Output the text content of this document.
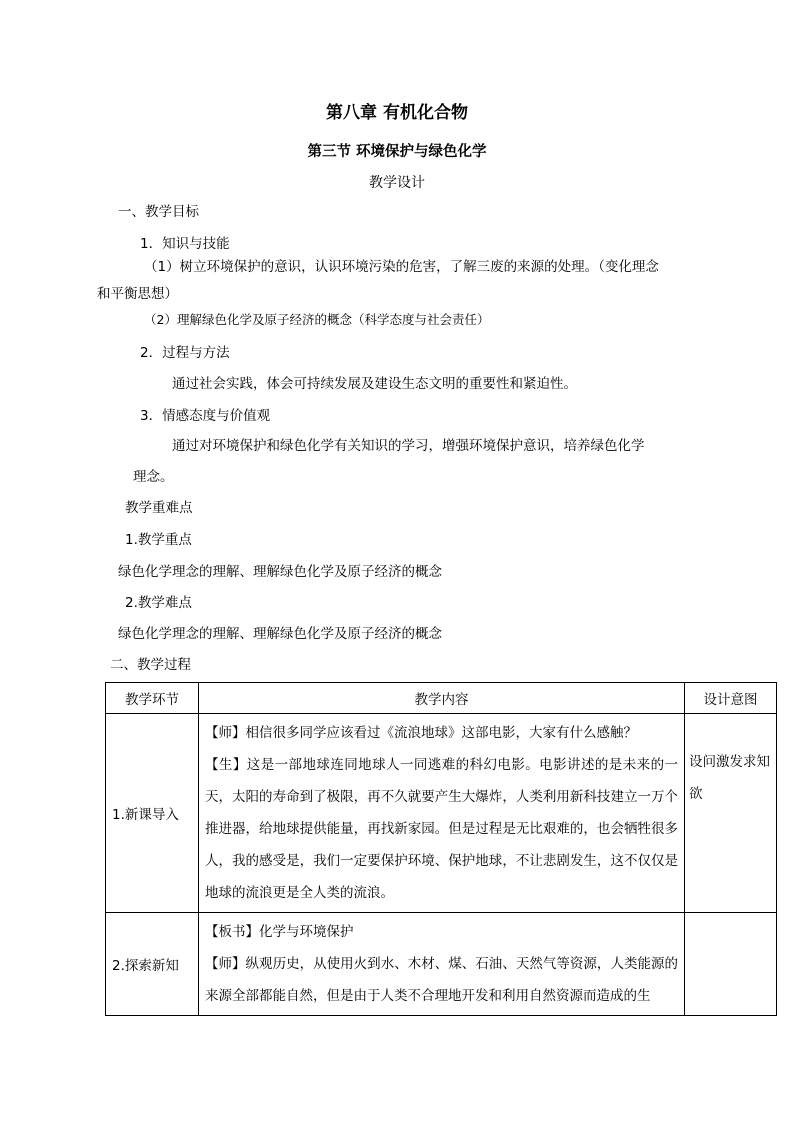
第八章 有机化合物
第三节 环境保护与绿色化学
教学设计
一、教学目标
1．知识与技能
（1）树立环境保护的意识，认识环境污染的危害，了解三废的来源的处理。（变化理念
和平衡思想）
（2）理解绿色化学及原子经济的概念（科学态度与社会责任）
2．过程与方法
通过社会实践，体会可持续发展及建设生态文明的重要性和紧迫性。
3．情感态度与价值观
通过对环境保护和绿色化学有关知识的学习，增强环境保护意识，培养绿色化学
理念。
教学重难点
1.教学重点
绿色化学理念的理解、理解绿色化学及原子经济的概念
2.教学难点
绿色化学理念的理解、理解绿色化学及原子经济的概念
二、教学过程
教学环节	教学内容	设计意图
1.新课导入	【师】相信很多同学应该看过《流浪地球》这部电影，大家有什么感触？

【生】这是一部地球连同地球人一同逃难的科幻电影。电影讲述的是未来的一天，太阳的寿命到了极限，再不久就要产生大爆炸，人类利用新科技建立一万个推进器，给地球提供能量，再找新家园。但是过程是无比艰难的，也会牺牲很多人，我的感受是，我们一定要保护环境、保护地球，不让悲剧发生，这不仅仅是地球的流浪更是全人类的流浪。	设问激发求知欲
2.探索新知	【板书】化学与环境保护

【师】纵观历史，从使用火到水、木材、煤、石油、天然气等资源，人类能源的来源全部都能自然，但是由于人类不合理地开发和利用自然资源而造成的生	
